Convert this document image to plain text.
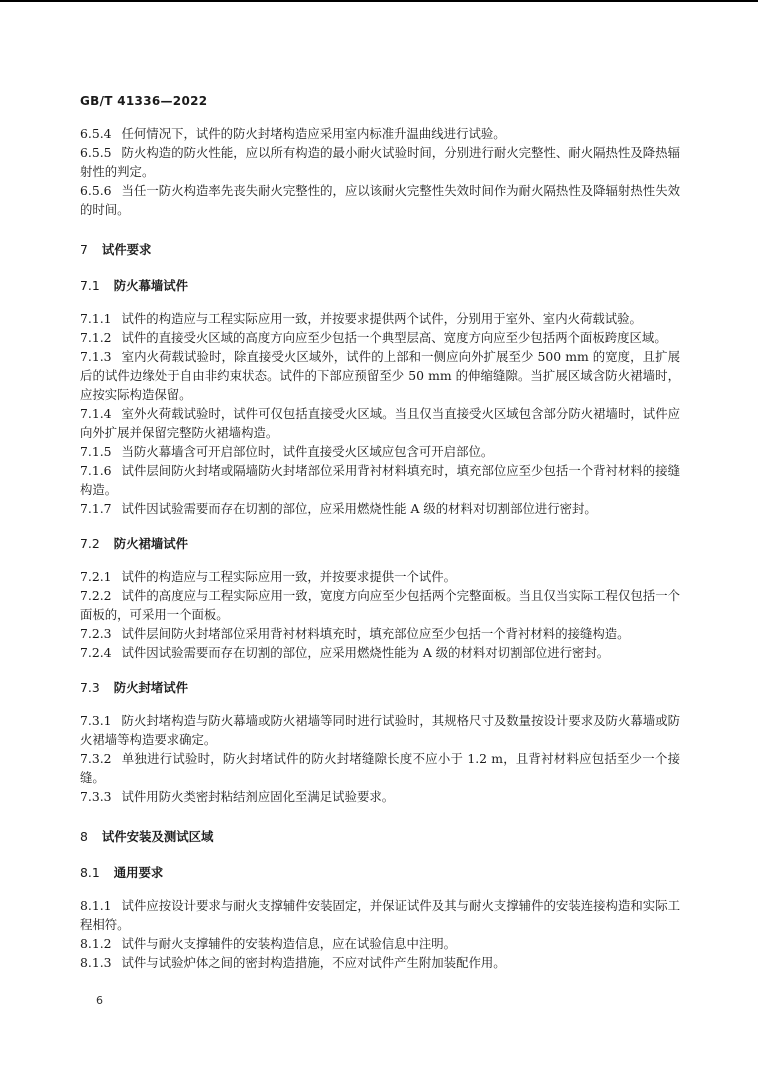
GB/T 41336—2022

6.5.4 任何情况下，试件的防火封堵构造应采用室内标准升温曲线进行试验。

6.5.5 防火构造的防火性能，应以所有构造的最小耐火试验时间，分别进行耐火完整性、耐火隔热性及降热辐射性的判定。

6.5.6 当任一防火构造率先丧失耐火完整性的，应以该耐火完整性失效时间作为耐火隔热性及降辐射热性失效的时间。

7 试件要求

7.1 防火幕墙试件

7.1.1 试件的构造应与工程实际应用一致，并按要求提供两个试件，分别用于室外、室内火荷载试验。

7.1.2 试件的直接受火区域的高度方向应至少包括一个典型层高、宽度方向应至少包括两个面板跨度区域。

7.1.3 室内火荷载试验时，除直接受火区域外，试件的上部和一侧应向外扩展至少 500 mm 的宽度，且扩展后的试件边缘处于自由非约束状态。试件的下部应预留至少 50 mm 的伸缩缝隙。当扩展区域含防火裙墙时，应按实际构造保留。

7.1.4 室外火荷载试验时，试件可仅包括直接受火区域。当且仅当直接受火区域包含部分防火裙墙时，试件应向外扩展并保留完整防火裙墙构造。

7.1.5 当防火幕墙含可开启部位时，试件直接受火区域应包含可开启部位。

7.1.6 试件层间防火封堵或隔墙防火封堵部位采用背衬材料填充时，填充部位应至少包括一个背衬材料的接缝构造。

7.1.7 试件因试验需要而存在切割的部位，应采用燃烧性能 A 级的材料对切割部位进行密封。

7.2 防火裙墙试件

7.2.1 试件的构造应与工程实际应用一致，并按要求提供一个试件。

7.2.2 试件的高度应与工程实际应用一致，宽度方向应至少包括两个完整面板。当且仅当实际工程仅包括一个面板的，可采用一个面板。

7.2.3 试件层间防火封堵部位采用背衬材料填充时，填充部位应至少包括一个背衬材料的接缝构造。

7.2.4 试件因试验需要而存在切割的部位，应采用燃烧性能为 A 级的材料对切割部位进行密封。

7.3 防火封堵试件

7.3.1 防火封堵构造与防火幕墙或防火裙墙等同时进行试验时，其规格尺寸及数量按设计要求及防火幕墙或防火裙墙等构造要求确定。

7.3.2 单独进行试验时，防火封堵试件的防火封堵缝隙长度不应小于 1.2 m，且背衬材料应包括至少一个接缝。

7.3.3 试件用防火类密封粘结剂应固化至满足试验要求。

8 试件安装及测试区域

8.1 通用要求

8.1.1 试件应按设计要求与耐火支撑辅件安装固定，并保证试件及其与耐火支撑辅件的安装连接构造和实际工程相符。

8.1.2 试件与耐火支撑辅件的安装构造信息，应在试验信息中注明。

8.1.3 试件与试验炉体之间的密封构造措施，不应对试件产生附加装配作用。

6
